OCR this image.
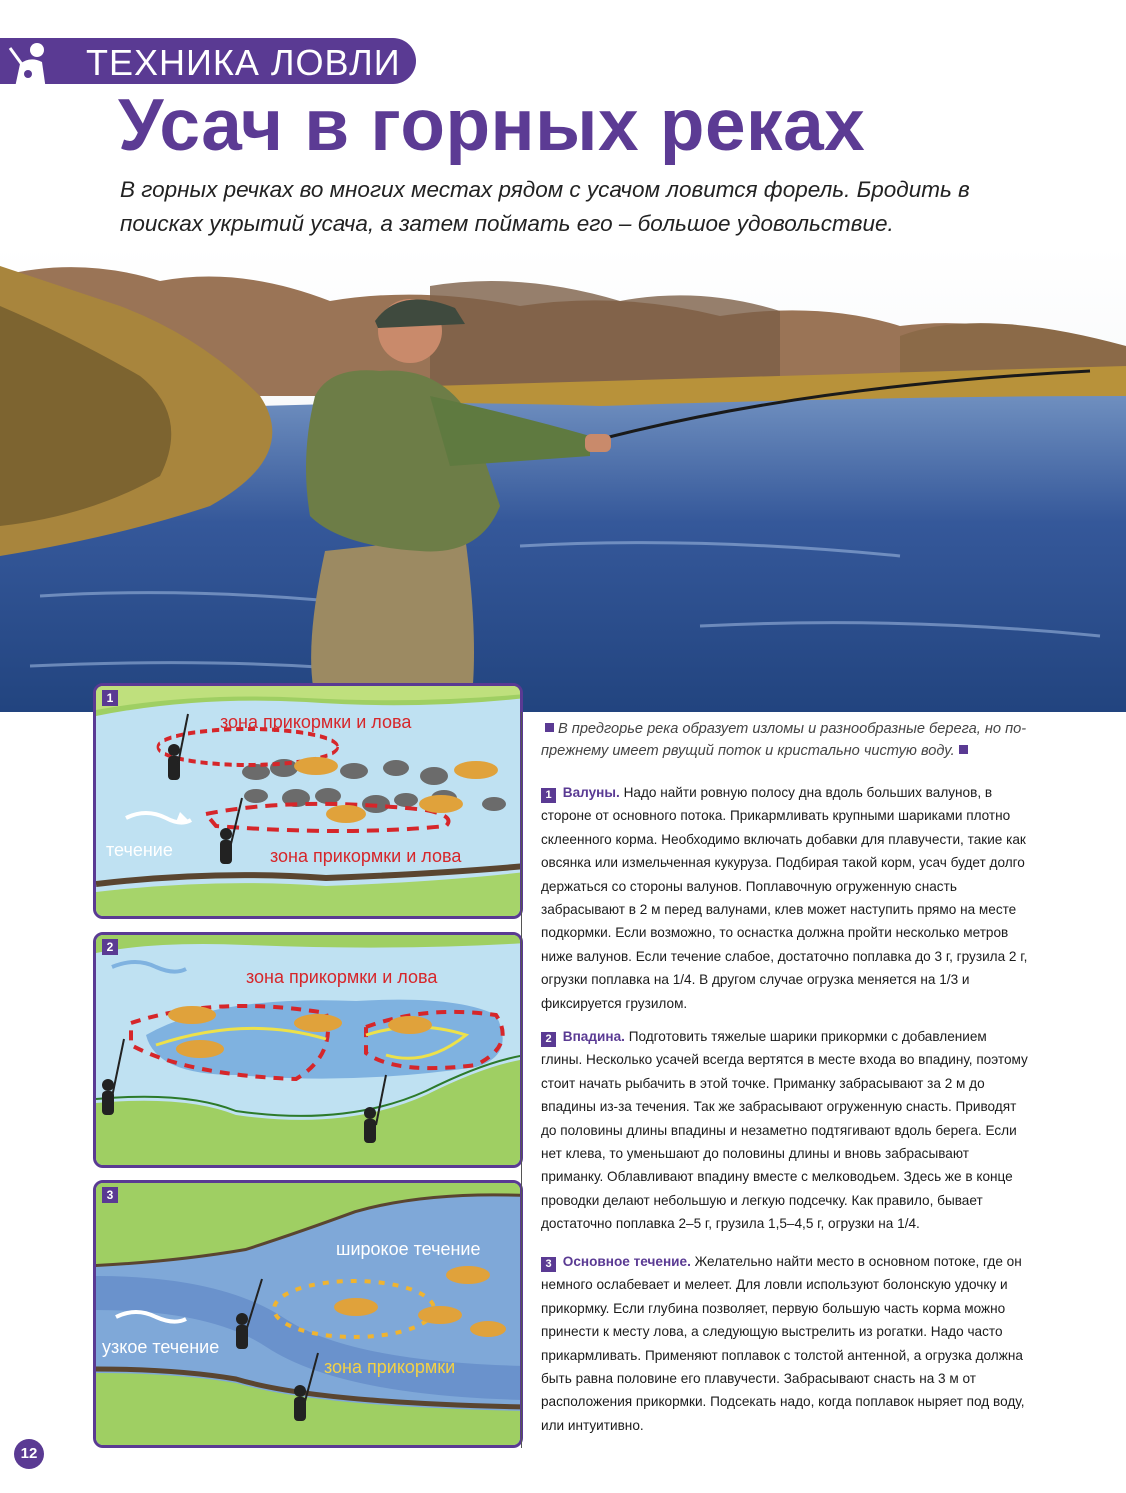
ТЕХНИКА ЛОВЛИ
Усач в горных реках
В горных речках во многих местах рядом с усачом ловится форель. Бродить в поисках укрытий усача, а затем поймать его – большое удовольствие.
1
зона прикормки и лова
течение	зона прикормки и лова
2
зона прикормки и лова
3
широкое течение
узкое течение
зона прикормки
В предгорье река образует изломы и разнообразные берега, но по-прежнему имеет рвущий поток и кристально чистую воду.
1 Валуны. Надо найти ровную полосу дна вдоль больших валунов, в стороне от основного потока. Прикармливать крупными шариками плотно склеенного корма. Необходимо включать добавки для плавучести, такие как овсянка или измельченная кукуруза. Подбирая такой корм, усач будет долго держаться со стороны валунов. Поплавочную огруженную снасть забрасывают в 2 м перед валунами, клев может наступить прямо на месте подкормки. Если возможно, то оснастка должна пройти несколько метров ниже валунов. Если течение слабое, достаточно поплавка до 3 г, грузила 2 г, огрузки поплавка на 1/4. В другом случае огрузка меняется на 1/3 и фиксируется грузилом.
2 Впадина. Подготовить тяжелые шарики прикормки с добавлением глины. Несколько усачей всегда вертятся в месте входа во впадину, поэтому стоит начать рыбачить в этой точке. Приманку забрасывают за 2 м до впадины из-за течения. Так же забрасывают огруженную снасть. Приводят до половины длины впадины и незаметно подтягивают вдоль берега. Если нет клева, то уменьшают до половины длины и вновь забрасывают приманку. Облавливают впадину вместе с мелководьем. Здесь же в конце проводки делают небольшую и легкую подсечку. Как правило, бывает достаточно поплавка 2–5 г, грузила 1,5–4,5 г, огрузки на 1/4.
3 Основное течение. Желательно найти место в основном потоке, где он немного ослабевает и мелеет. Для ловли используют болонскую удочку и прикормку. Если глубина позволяет, первую большую часть корма можно принести к месту лова, а следующую выстрелить из рогатки. Надо часто прикармливать. Применяют поплавок с толстой антенной, а огрузка должна быть равна половине его плавучести. Забрасывают снасть на 3 м от расположения прикормки. Подсекать надо, когда поплавок ныряет под воду, или интуитивно.
12
